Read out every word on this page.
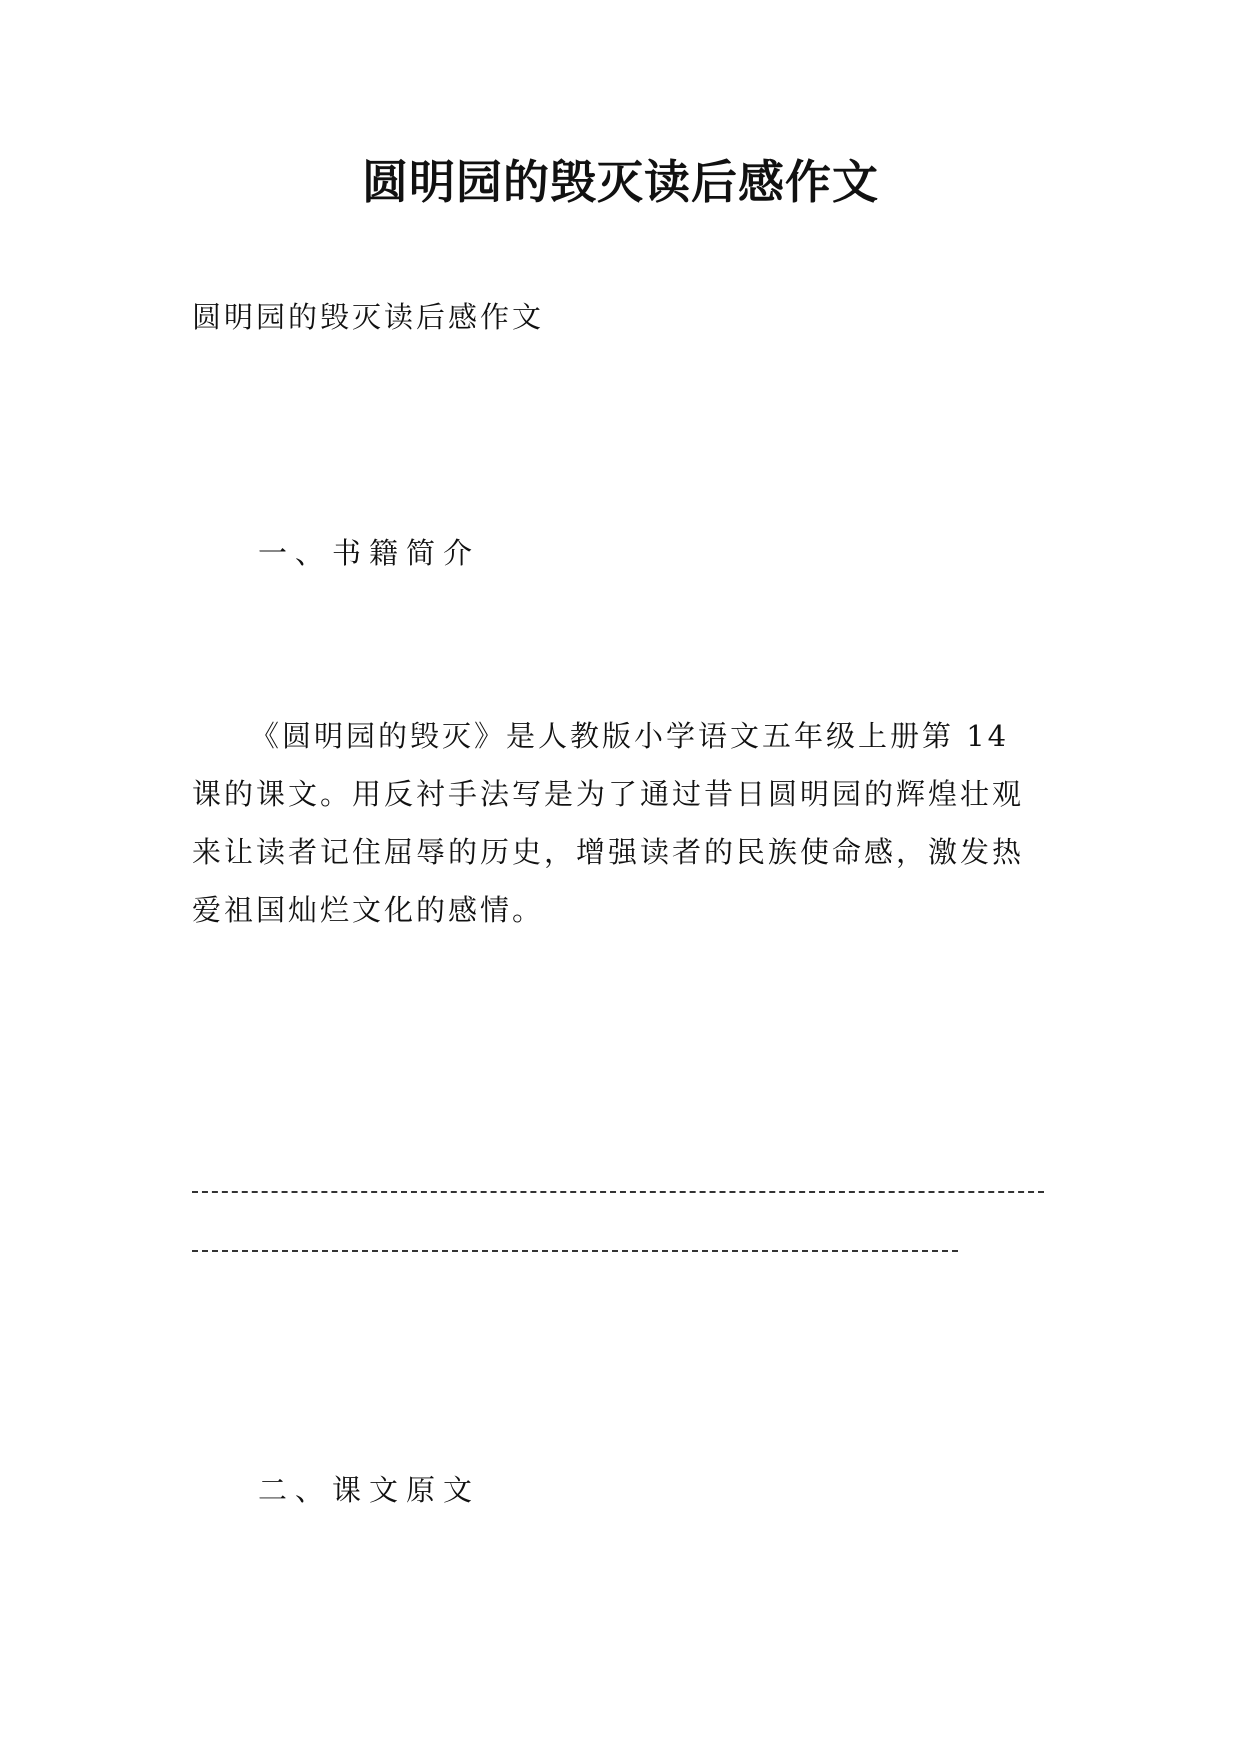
圆明园的毁灭读后感作文
圆明园的毁灭读后感作文
一、书籍简介
《圆明园的毁灭》是人教版小学语文五年级上册第 14
课的课文。用反衬手法写是为了通过昔日圆明园的辉煌壮观
来让读者记住屈辱的历史，增强读者的民族使命感，激发热
爱祖国灿烂文化的感情。
二、课文原文
